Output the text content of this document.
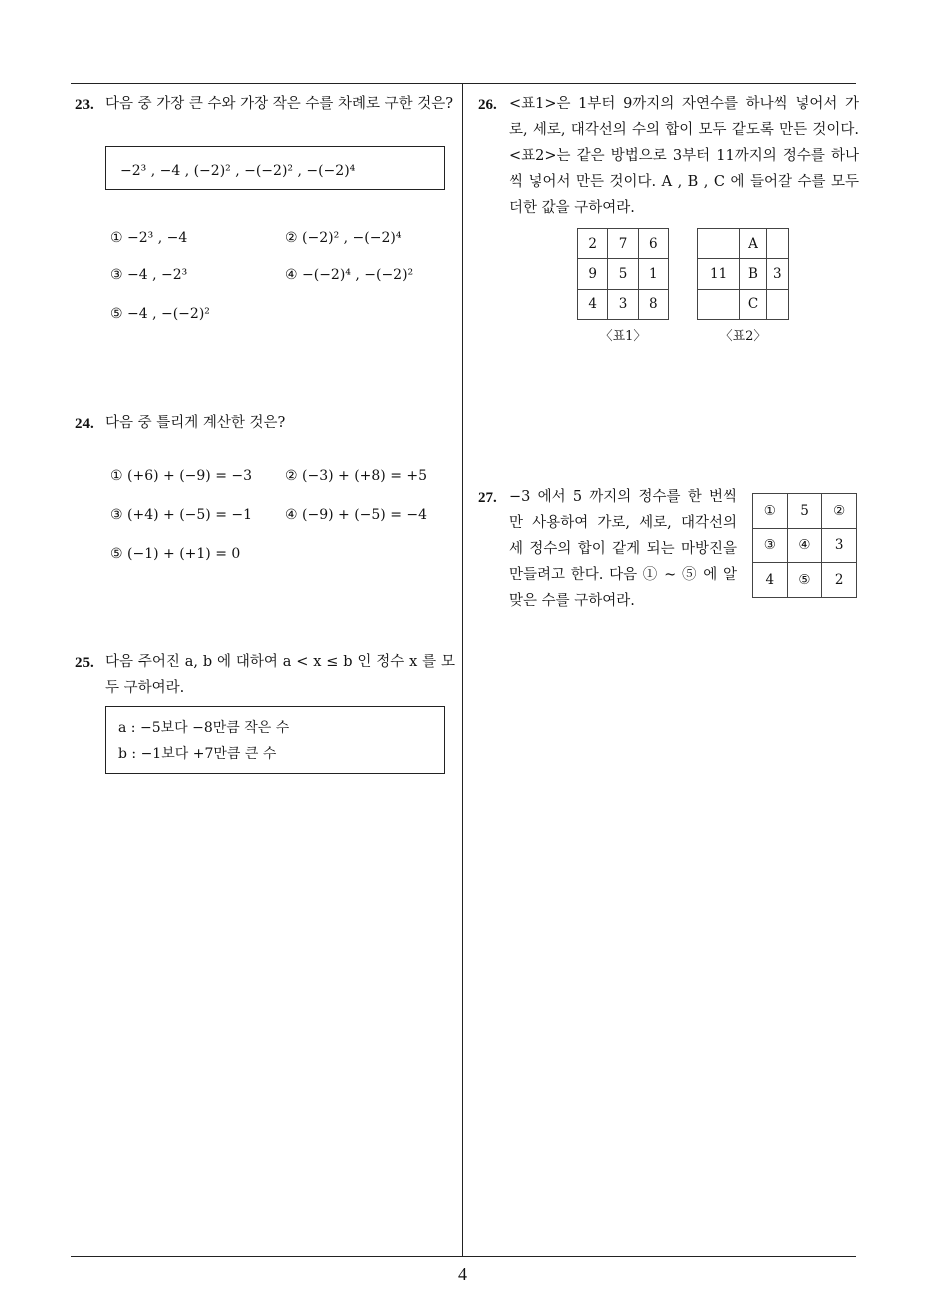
23. 다음 중 가장 큰 수와 가장 작은 수를 차례로 구한 것은?
−2³ , −4 , (−2)² , −(−2)² , −(−2)⁴
① −2³ , −4	② (−2)² , −(−2)⁴
③ −4 , −2³	④ −(−2)⁴ , −(−2)²
⑤ −4 , −(−2)²
24. 다음 중 틀리게 계산한 것은?
① (+6) + (−9) = −3 ② (−3) + (+8) = +5
③ (+4) + (−5) = −1 ④ (−9) + (−5) = −4
⑤ (−1) + (+1) = 0
25. 다음 주어진 a, b 에 대하여 a < x ≤ b 인 정수 x 를 모두 구하여라.
a : −5보다 −8만큼 작은 수
b : −1보다 +7만큼 큰 수
26. <표1>은 1부터 9까지의 자연수를 하나씩 넣어서 가로, 세로, 대각선의 수의 합이 모두 같도록 만든 것이다. <표2>는 같은 방법으로 3부터 11까지의 정수를 하나씩 넣어서 만든 것이다. A , B , C 에 들어갈 수를 모두 더한 값을 구하여라.
2	7	6
9	5	1
4	3	8
〈표1〉
	A	
11	B	3
	C	
〈표2〉
27. −3 에서 5 까지의 정수를 한 번씩 만 사용하여 가로, 세로, 대각선의 세 정수의 합이 같게 되는 마방진을 만들려고 한다. 다음 ① ~ ⑤ 에 알맞은 수를 구하여라.
①	5	②
③	④	3
4	⑤	2
4
